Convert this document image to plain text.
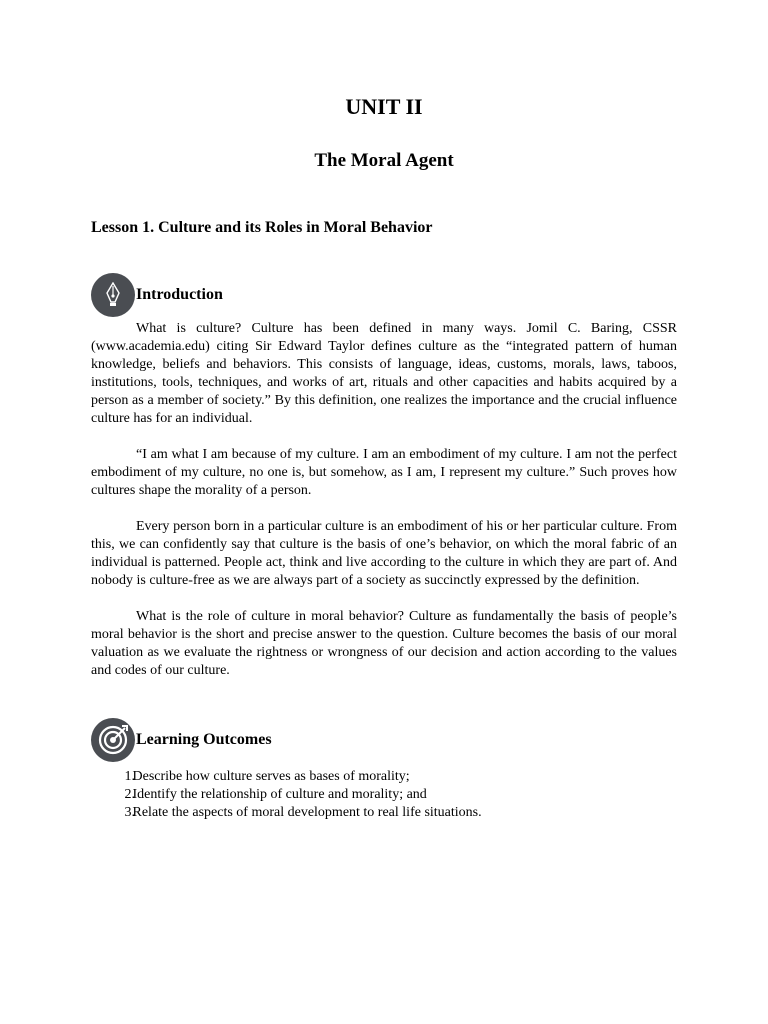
UNIT II
The Moral Agent
Lesson 1. Culture and its Roles in Moral Behavior
Introduction

What is culture? Culture has been defined in many ways. Jomil C. Baring, CSSR (www.academia.edu) citing Sir Edward Taylor defines culture as the “integrated pattern of human knowledge, beliefs and behaviors. This consists of language, ideas, customs, morals, laws, taboos, institutions, tools, techniques, and works of art, rituals and other capacities and habits acquired by a person as a member of society.” By this definition, one realizes the importance and the crucial influence culture has for an individual.

“I am what I am because of my culture. I am an embodiment of my culture. I am not the perfect embodiment of my culture, no one is, but somehow, as I am, I represent my culture.” Such proves how cultures shape the morality of a person.

Every person born in a particular culture is an embodiment of his or her particular culture. From this, we can confidently say that culture is the basis of one’s behavior, on which the moral fabric of an individual is patterned. People act, think and live according to the culture in which they are part of. And nobody is culture-free as we are always part of a society as succinctly expressed by the definition.

What is the role of culture in moral behavior? Culture as fundamentally the basis of people’s moral behavior is the short and precise answer to the question. Culture becomes the basis of our moral valuation as we evaluate the rightness or wrongness of our decision and action according to the values and codes of our culture.

Learning Outcomes
1.
Describe how culture serves as bases of morality;
2.
Identify the relationship of culture and morality; and
3.
Relate the aspects of moral development to real life situations.
